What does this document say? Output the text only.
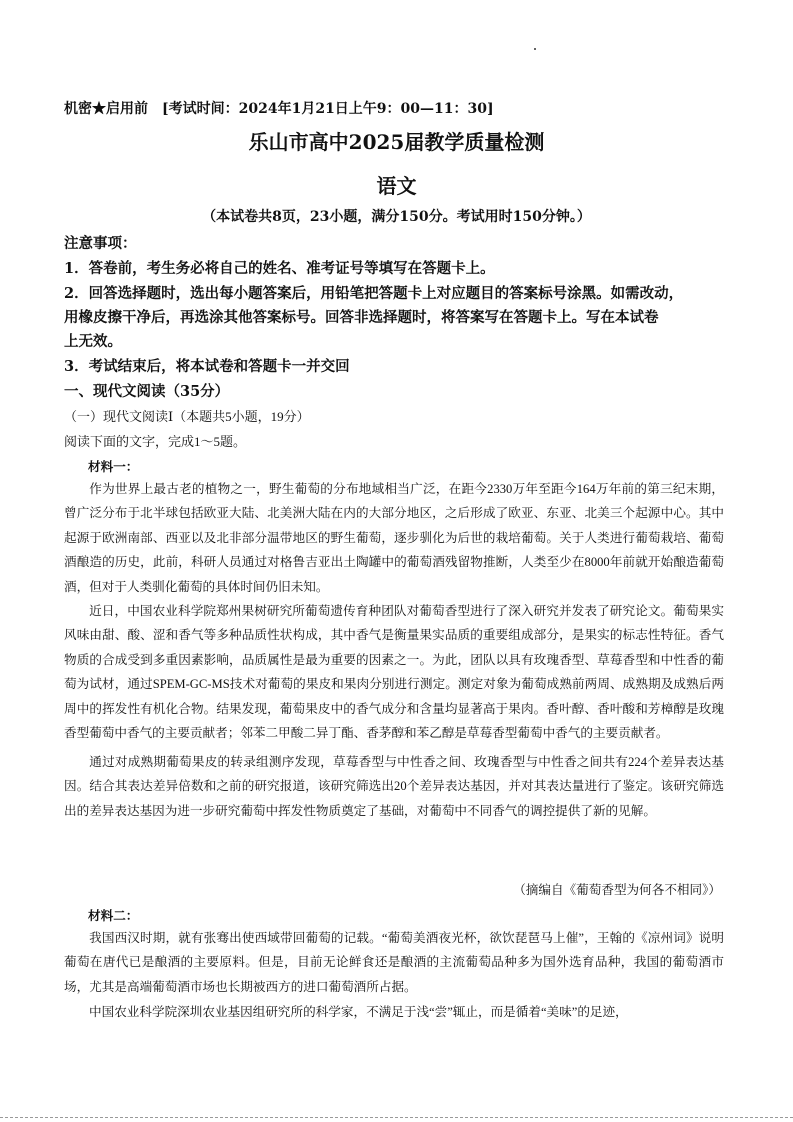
机密★启用前　[考试时间：2024年1月21日上午9：00—11：30]
乐山市高中2025届教学质量检测
语文
（本试卷共8页，23小题，满分150分。考试用时150分钟。）
注意事项：
1．答卷前，考生务必将自己的姓名、准考证号等填写在答题卡上。
2．回答选择题时，选出每小题答案后，用铅笔把答题卡上对应题目的答案标号涂黑。如需改动，
用橡皮擦干净后，再选涂其他答案标号。回答非选择题时，将答案写在答题卡上。写在本试卷
上无效。
3．考试结束后，将本试卷和答题卡一并交回
一、现代文阅读（35分）
（一）现代文阅读Ⅰ（本题共5小题，19分）
阅读下面的文字，完成1～5题。
材料一：

作为世界上最古老的植物之一，野生葡萄的分布地域相当广泛，在距今2330万年至距今164万年前的第三纪末期，曾广泛分布于北半球包括欧亚大陆、北美洲大陆在内的大部分地区，之后形成了欧亚、东亚、北美三个起源中心。其中起源于欧洲南部、西亚以及北非部分温带地区的野生葡萄，逐步驯化为后世的栽培葡萄。关于人类进行葡萄栽培、葡萄酒酿造的历史，此前，科研人员通过对格鲁吉亚出土陶罐中的葡萄酒残留物推断，人类至少在8000年前就开始酿造葡萄酒，但对于人类驯化葡萄的具体时间仍旧未知。

近日，中国农业科学院郑州果树研究所葡萄遗传育种团队对葡萄香型进行了深入研究并发表了研究论文。葡萄果实风味由甜、酸、涩和香气等多种品质性状构成，其中香气是衡量果实品质的重要组成部分，是果实的标志性特征。香气物质的合成受到多重因素影响，品质属性是最为重要的因素之一。为此，团队以具有玫瑰香型、草莓香型和中性香的葡萄为试材，通过SPEM-GC-MS技术对葡萄的果皮和果肉分别进行测定。测定对象为葡萄成熟前两周、成熟期及成熟后两周中的挥发性有机化合物。结果发现，葡萄果皮中的香气成分和含量均显著高于果肉。香叶醇、香叶酸和芳樟醇是玫瑰香型葡萄中香气的主要贡献者；邻苯二甲酸二异丁酯、香茅醇和苯乙醇是草莓香型葡萄中香气的主要贡献者。

通过对成熟期葡萄果皮的转录组测序发现，草莓香型与中性香之间、玫瑰香型与中性香之间共有224个差异表达基因。结合其表达差异倍数和之前的研究报道，该研究筛选出20个差异表达基因，并对其表达量进行了鉴定。该研究筛选出的差异表达基因为进一步研究葡萄中挥发性物质奠定了基础，对葡萄中不同香气的调控提供了新的见解。

（摘编自《葡萄香型为何各不相同》）
材料二：

我国西汉时期，就有张骞出使西域带回葡萄的记载。“葡萄美酒夜光杯，欲饮琵琶马上催”，王翰的《凉州词》说明葡萄在唐代已是酿酒的主要原料。但是，目前无论鲜食还是酿酒的主流葡萄品种多为国外选育品种，我国的葡萄酒市场，尤其是高端葡萄酒市场也长期被西方的进口葡萄酒所占据。

中国农业科学院深圳农业基因组研究所的科学家，不满足于浅“尝”辄止，而是循着“美味”的足迹，
